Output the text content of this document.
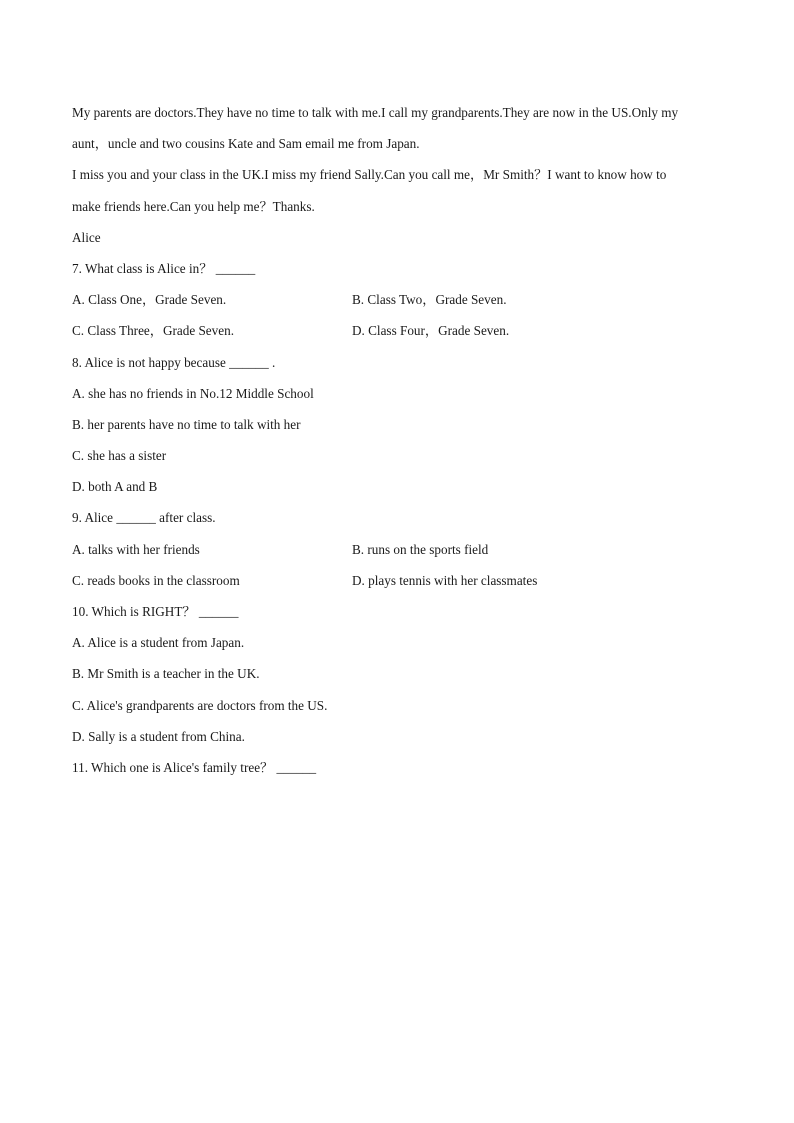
My parents are doctors.They have no time to talk with me.I call my grandparents.They are now in the US.Only my
aunt，uncle and two cousins Kate and Sam email me from Japan.
I miss you and your class in the UK.I miss my friend Sally.Can you call me，Mr Smith？I want to know how to
make friends here.Can you help me？Thanks.
Alice
7. What class is Alice in？ ______
A. Class One，Grade Seven.	B. Class Two，Grade Seven.
C. Class Three，Grade Seven.	D. Class Four，Grade Seven.
8. Alice is not happy because ______ .
A. she has no friends in No.12 Middle School
B. her parents have no time to talk with her
C. she has a sister
D. both A and B
9. Alice ______ after class.
A. talks with her friends	B. runs on the sports field
C. reads books in the classroom	D. plays tennis with her classmates
10. Which is RIGHT？ ______
A. Alice is a student from Japan.
B. Mr Smith is a teacher in the UK.
C. Alice's grandparents are doctors from the US.
D. Sally is a student from China.
11. Which one is Alice's family tree？ ______
